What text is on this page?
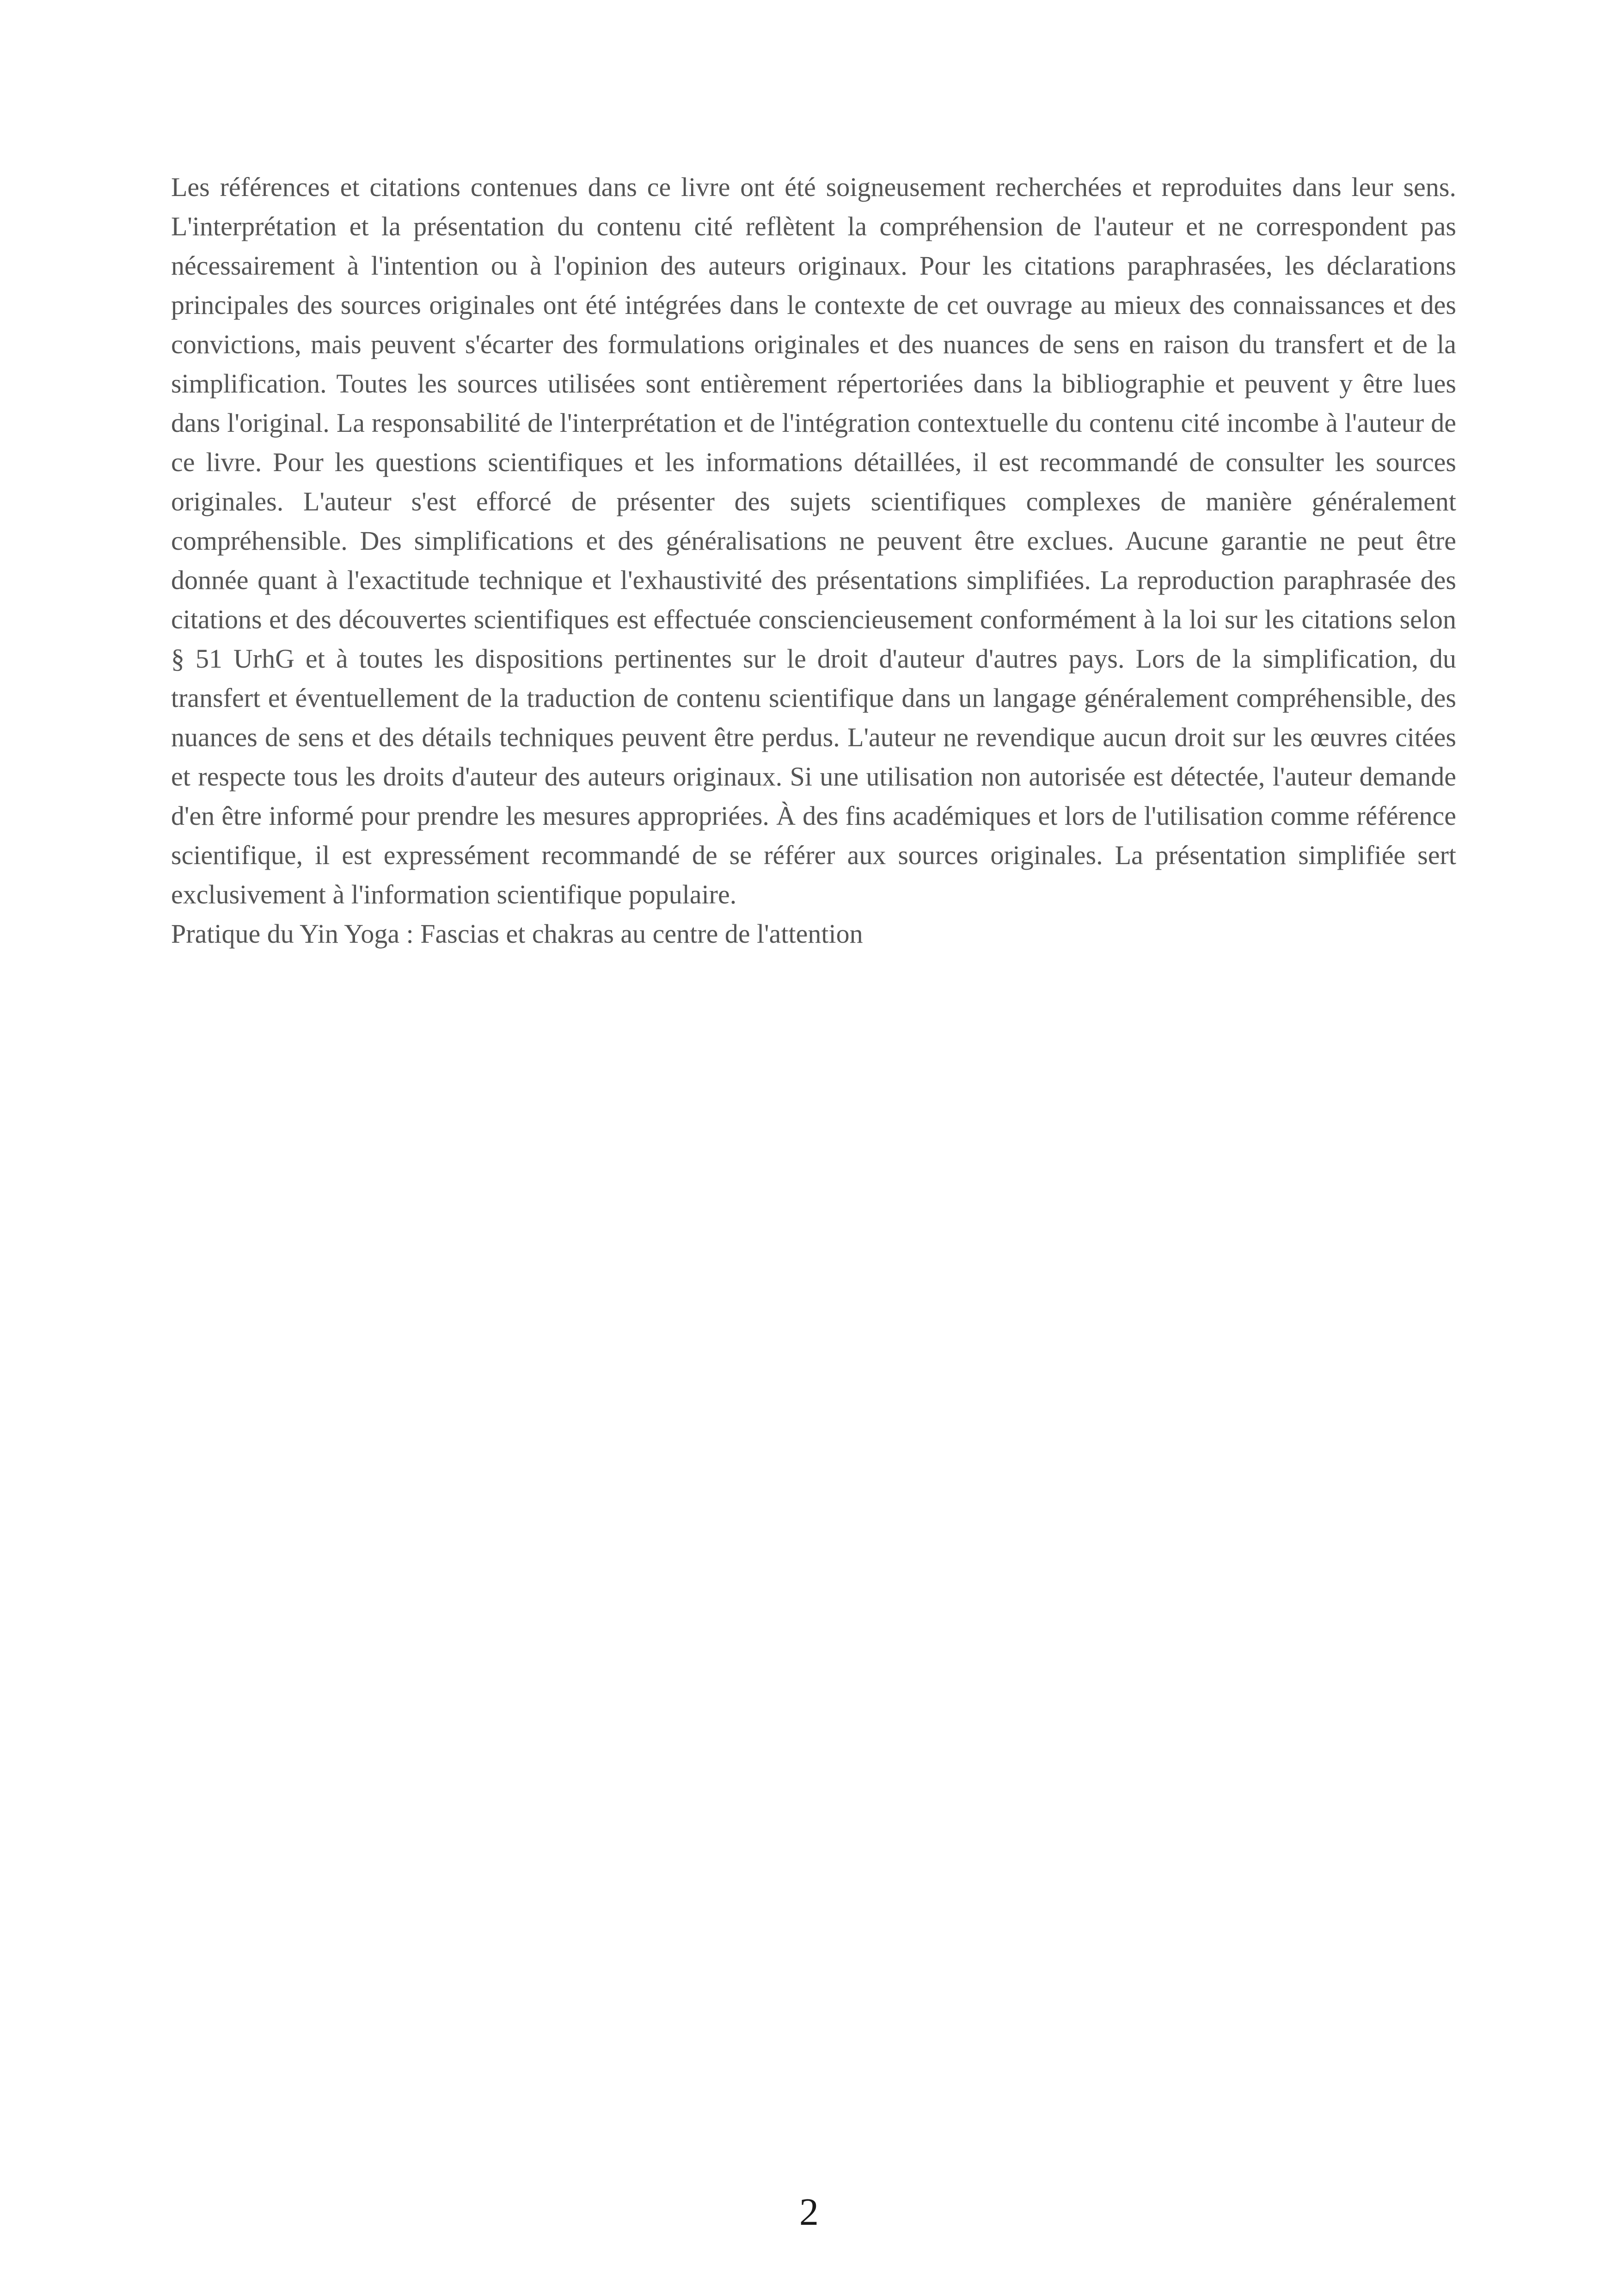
Les références et citations contenues dans ce livre ont été soigneusement recherchées et reproduites dans leur sens. L'interprétation et la présentation du contenu cité reflètent la compréhension de l'auteur et ne correspondent pas nécessairement à l'intention ou à l'opinion des auteurs originaux. Pour les citations paraphrasées, les déclarations principales des sources originales ont été intégrées dans le contexte de cet ouvrage au mieux des connaissances et des convictions, mais peuvent s'écarter des formulations originales et des nuances de sens en raison du transfert et de la simplification. Toutes les sources utilisées sont entièrement répertoriées dans la bibliographie et peuvent y être lues dans l'original. La responsabilité de l'interprétation et de l'intégration contextuelle du contenu cité incombe à l'auteur de ce livre. Pour les questions scientifiques et les informations détaillées, il est recommandé de consulter les sources originales. L'auteur s'est efforcé de présenter des sujets scientifiques complexes de manière généralement compréhensible. Des simplifications et des généralisations ne peuvent être exclues. Aucune garantie ne peut être donnée quant à l'exactitude technique et l'exhaustivité des présentations simplifiées. La reproduction paraphrasée des citations et des découvertes scientifiques est effectuée consciencieusement conformément à la loi sur les citations selon § 51 UrhG et à toutes les dispositions pertinentes sur le droit d'auteur d'autres pays. Lors de la simplification, du transfert et éventuellement de la traduction de contenu scientifique dans un langage généralement compréhensible, des nuances de sens et des détails techniques peuvent être perdus. L'auteur ne revendique aucun droit sur les œuvres citées et respecte tous les droits d'auteur des auteurs originaux. Si une utilisation non autorisée est détectée, l'auteur demande d'en être informé pour prendre les mesures appropriées. À des fins académiques et lors de l'utilisation comme référence scientifique, il est expressément recommandé de se référer aux sources originales. La présentation simplifiée sert exclusivement à l'information scientifique populaire.

Pratique du Yin Yoga : Fascias et chakras au centre de l'attention

2
